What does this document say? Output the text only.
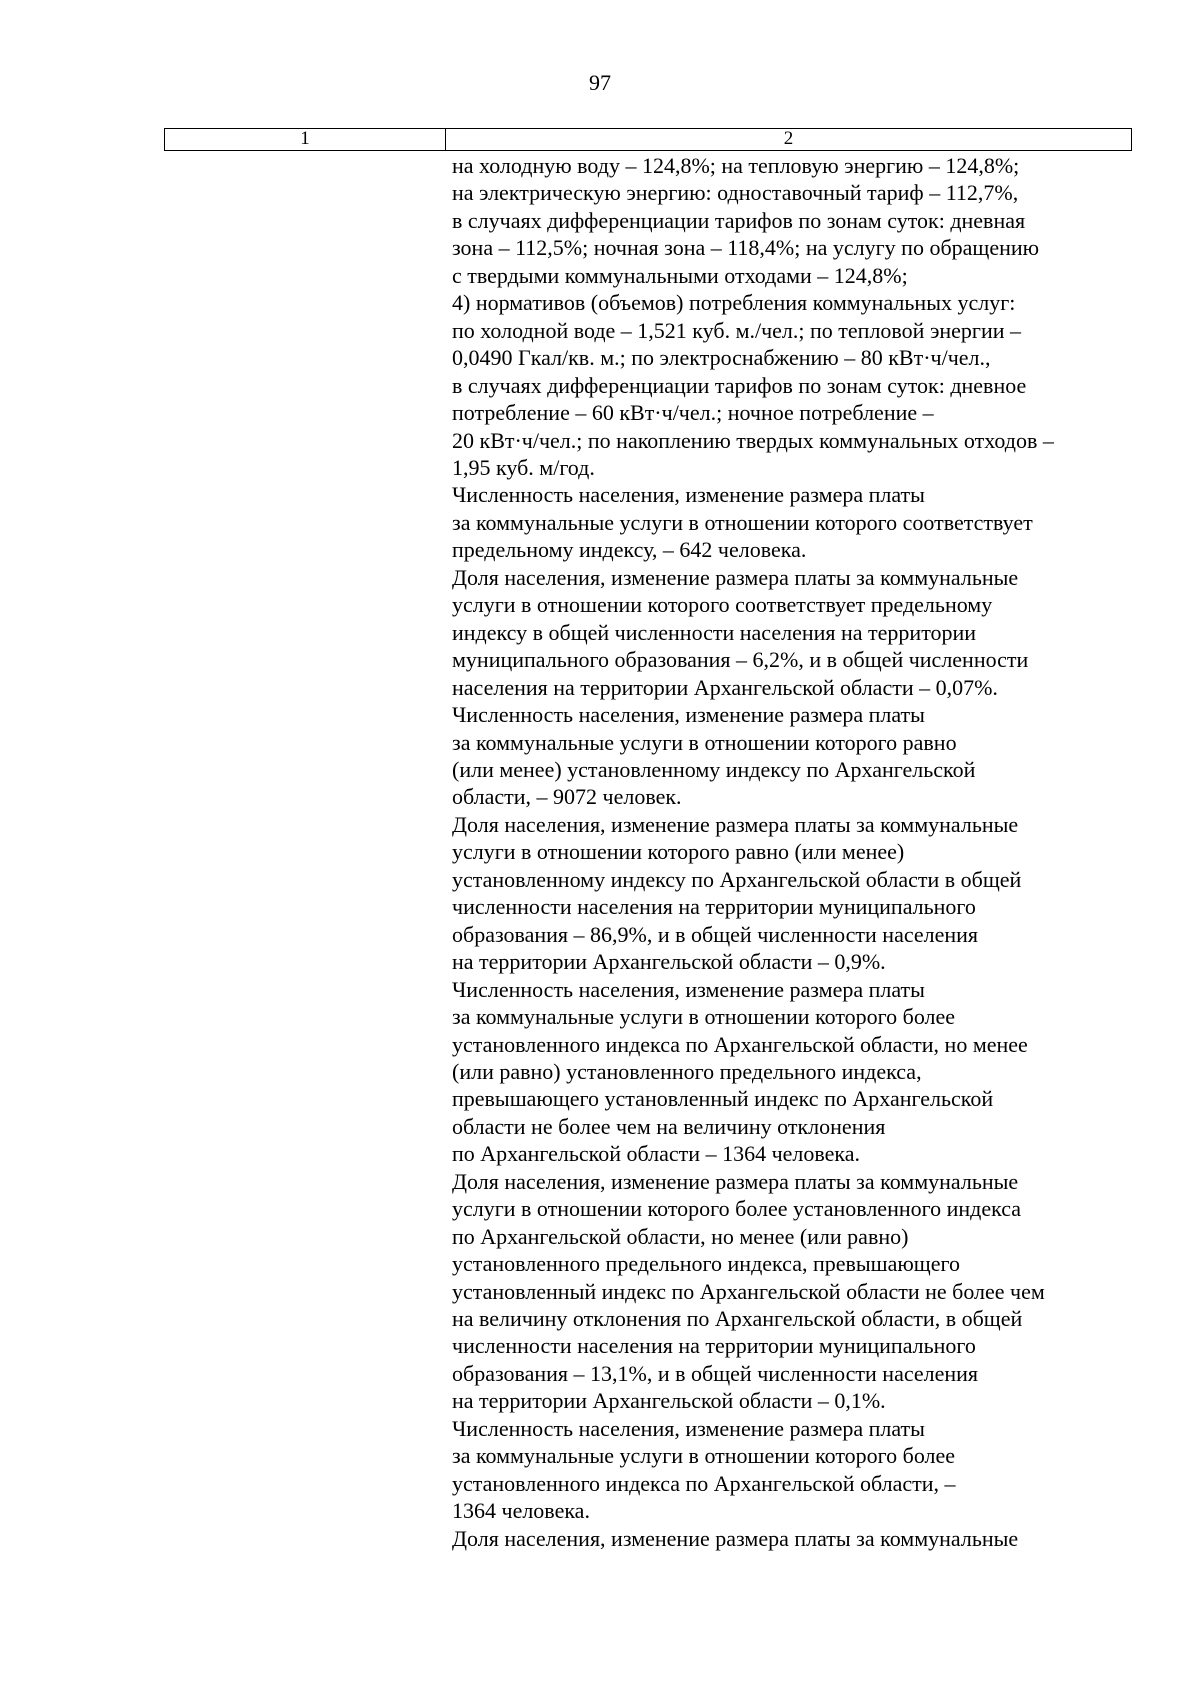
97
1	2
на холодную воду – 124,8%; на тепловую энергию – 124,8%;
на электрическую энергию: одноставочный тариф – 112,7%,
в случаях дифференциации тарифов по зонам суток: дневная
зона – 112,5%; ночная зона – 118,4%; на услугу по обращению
с твердыми коммунальными отходами – 124,8%;
4) нормативов (объемов) потребления коммунальных услуг:
по холодной воде – 1,521 куб. м./чел.; по тепловой энергии –
0,0490 Гкал/кв. м.; по электроснабжению – 80 кВт·ч/чел.,
в случаях дифференциации тарифов по зонам суток: дневное
потребление – 60 кВт·ч/чел.; ночное потребление –
20 кВт·ч/чел.; по накоплению твердых коммунальных отходов –
1,95 куб. м/год.
Численность населения, изменение размера платы
за коммунальные услуги в отношении которого соответствует
предельному индексу, – 642 человека.
Доля населения, изменение размера платы за коммунальные
услуги в отношении которого соответствует предельному
индексу в общей численности населения на территории
муниципального образования – 6,2%, и в общей численности
населения на территории Архангельской области – 0,07%.
Численность населения, изменение размера платы
за коммунальные услуги в отношении которого равно
(или менее) установленному индексу по Архангельской
области, – 9072 человек.
Доля населения, изменение размера платы за коммунальные
услуги в отношении которого равно (или менее)
установленному индексу по Архангельской области в общей
численности населения на территории муниципального
образования – 86,9%, и в общей численности населения
на территории Архангельской области – 0,9%.
Численность населения, изменение размера платы
за коммунальные услуги в отношении которого более
установленного индекса по Архангельской области, но менее
(или равно) установленного предельного индекса,
превышающего установленный индекс по Архангельской
области не более чем на величину отклонения
по Архангельской области – 1364 человека.
Доля населения, изменение размера платы за коммунальные
услуги в отношении которого более установленного индекса
по Архангельской области, но менее (или равно)
установленного предельного индекса, превышающего
установленный индекс по Архангельской области не более чем
на величину отклонения по Архангельской области, в общей
численности населения на территории муниципального
образования – 13,1%, и в общей численности населения
на территории Архангельской области – 0,1%.
Численность населения, изменение размера платы
за коммунальные услуги в отношении которого более
установленного индекса по Архангельской области, –
1364 человека.
Доля населения, изменение размера платы за коммунальные
